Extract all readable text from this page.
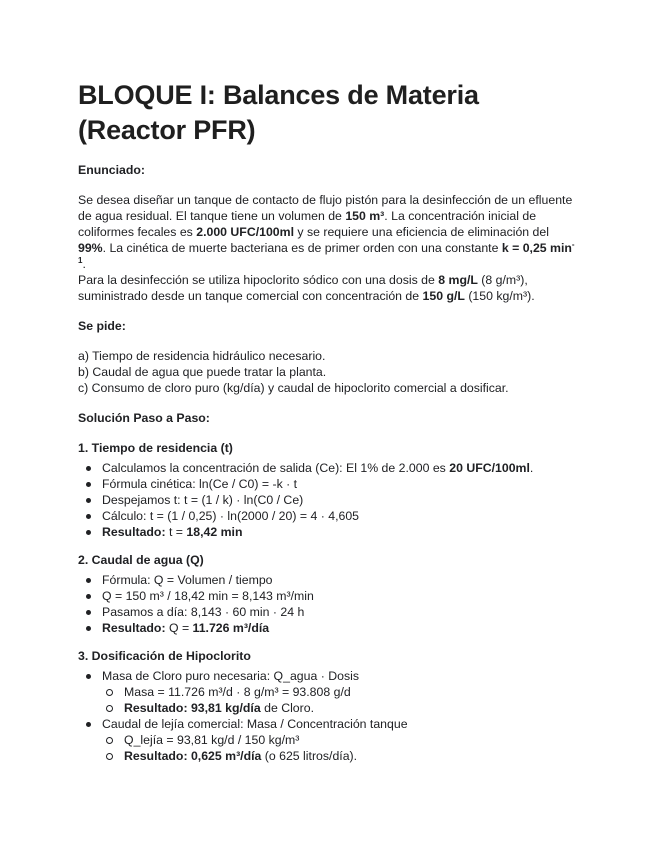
BLOQUE I: Balances de Materia (Reactor PFR)
Enunciado:
Se desea diseñar un tanque de contacto de flujo pistón para la desinfección de un efluente de agua residual. El tanque tiene un volumen de 150 m³. La concentración inicial de coliformes fecales es 2.000 UFC/100ml y se requiere una eficiencia de eliminación del 99%. La cinética de muerte bacteriana es de primer orden con una constante k = 0,25 $\min^{-1}$.
Para la desinfección se utiliza hipoclorito sódico con una dosis de 8 mg/L (8 g/m³), suministrado desde un tanque comercial con concentración de 150 g/L (150 kg/m³).
Se pide:
a) Tiempo de residencia hidráulico necesario.
b) Caudal de agua que puede tratar la planta.
c) Consumo de cloro puro (kg/día) y caudal de hipoclorito comercial a dosificar.
Solución Paso a Paso:
1. Tiempo de residencia (t)
Calculamos la concentración de salida (Ce): El 1% de 2.000 es 20 UFC/100ml.
Fórmula cinética: ln(Ce / C0) = -k · t
Despejamos t: t = (1 / k) · ln(C0 / Ce)
Cálculo: t = (1 / 0,25) · ln(2000 / 20) = 4 · 4,605
Resultado: t = 18,42 min
2. Caudal de agua (Q)
Fórmula: Q = Volumen / tiempo
Q = 150 m³ / 18,42 min = 8,143 m³/min
Pasamos a día: 8,143 · 60 min · 24 h
Resultado: Q = 11.726 m³/día
3. Dosificación de Hipoclorito
Masa de Cloro puro necesaria: Q_agua · Dosis
Masa = 11.726 m³/d · 8 g/m³ = 93.808 g/d
Resultado: 93,81 kg/día de Cloro.
Caudal de lejía comercial: Masa / Concentración tanque
Q_lejía = 93,81 kg/d / 150 kg/m³
Resultado: 0,625 m³/día (o 625 litros/día).
